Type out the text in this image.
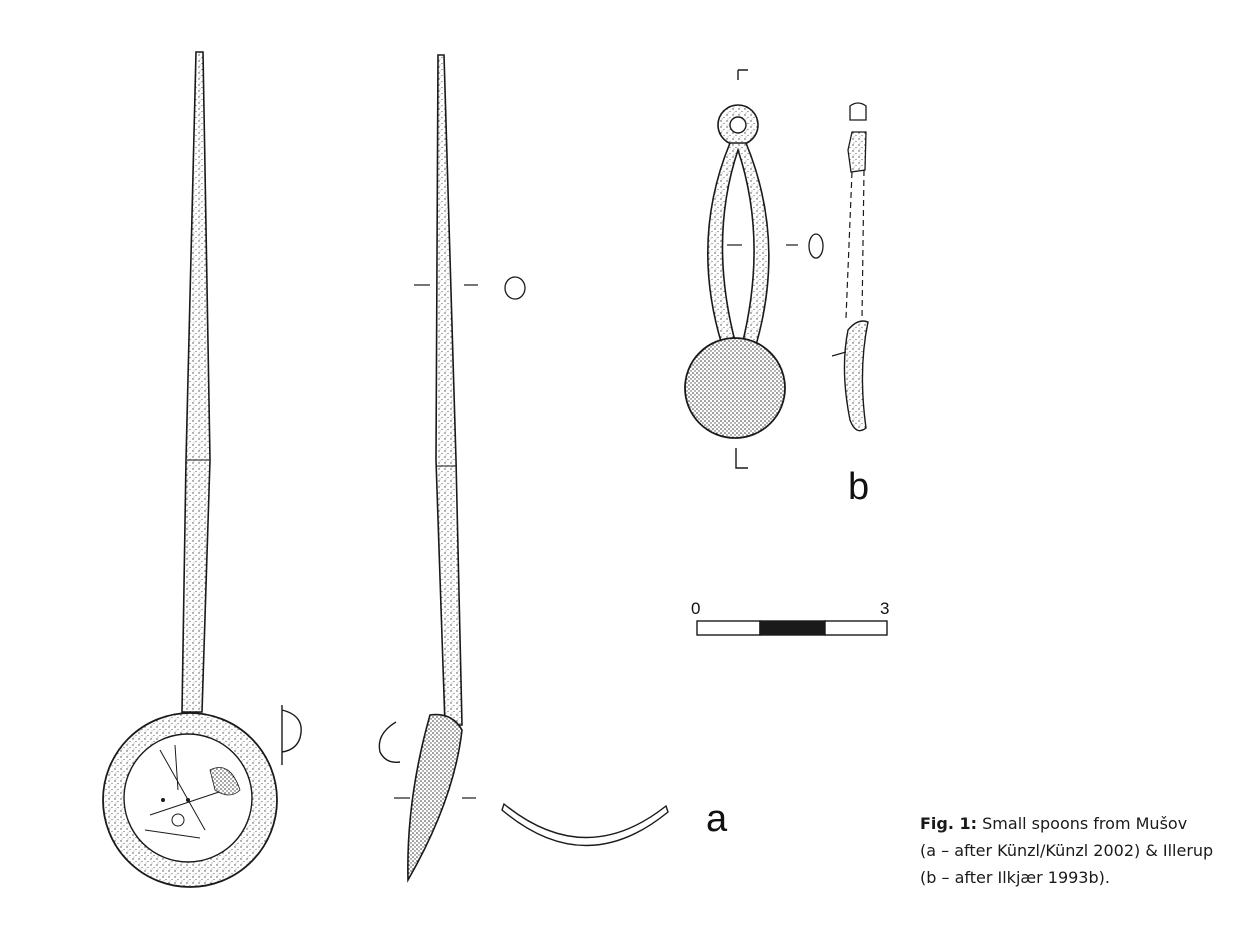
a
b
0	3
Fig. 1: Small spoons from Mušov
(a – after Künzl/Künzl 2002) & Illerup
(b – after Ilkjær 1993b).
